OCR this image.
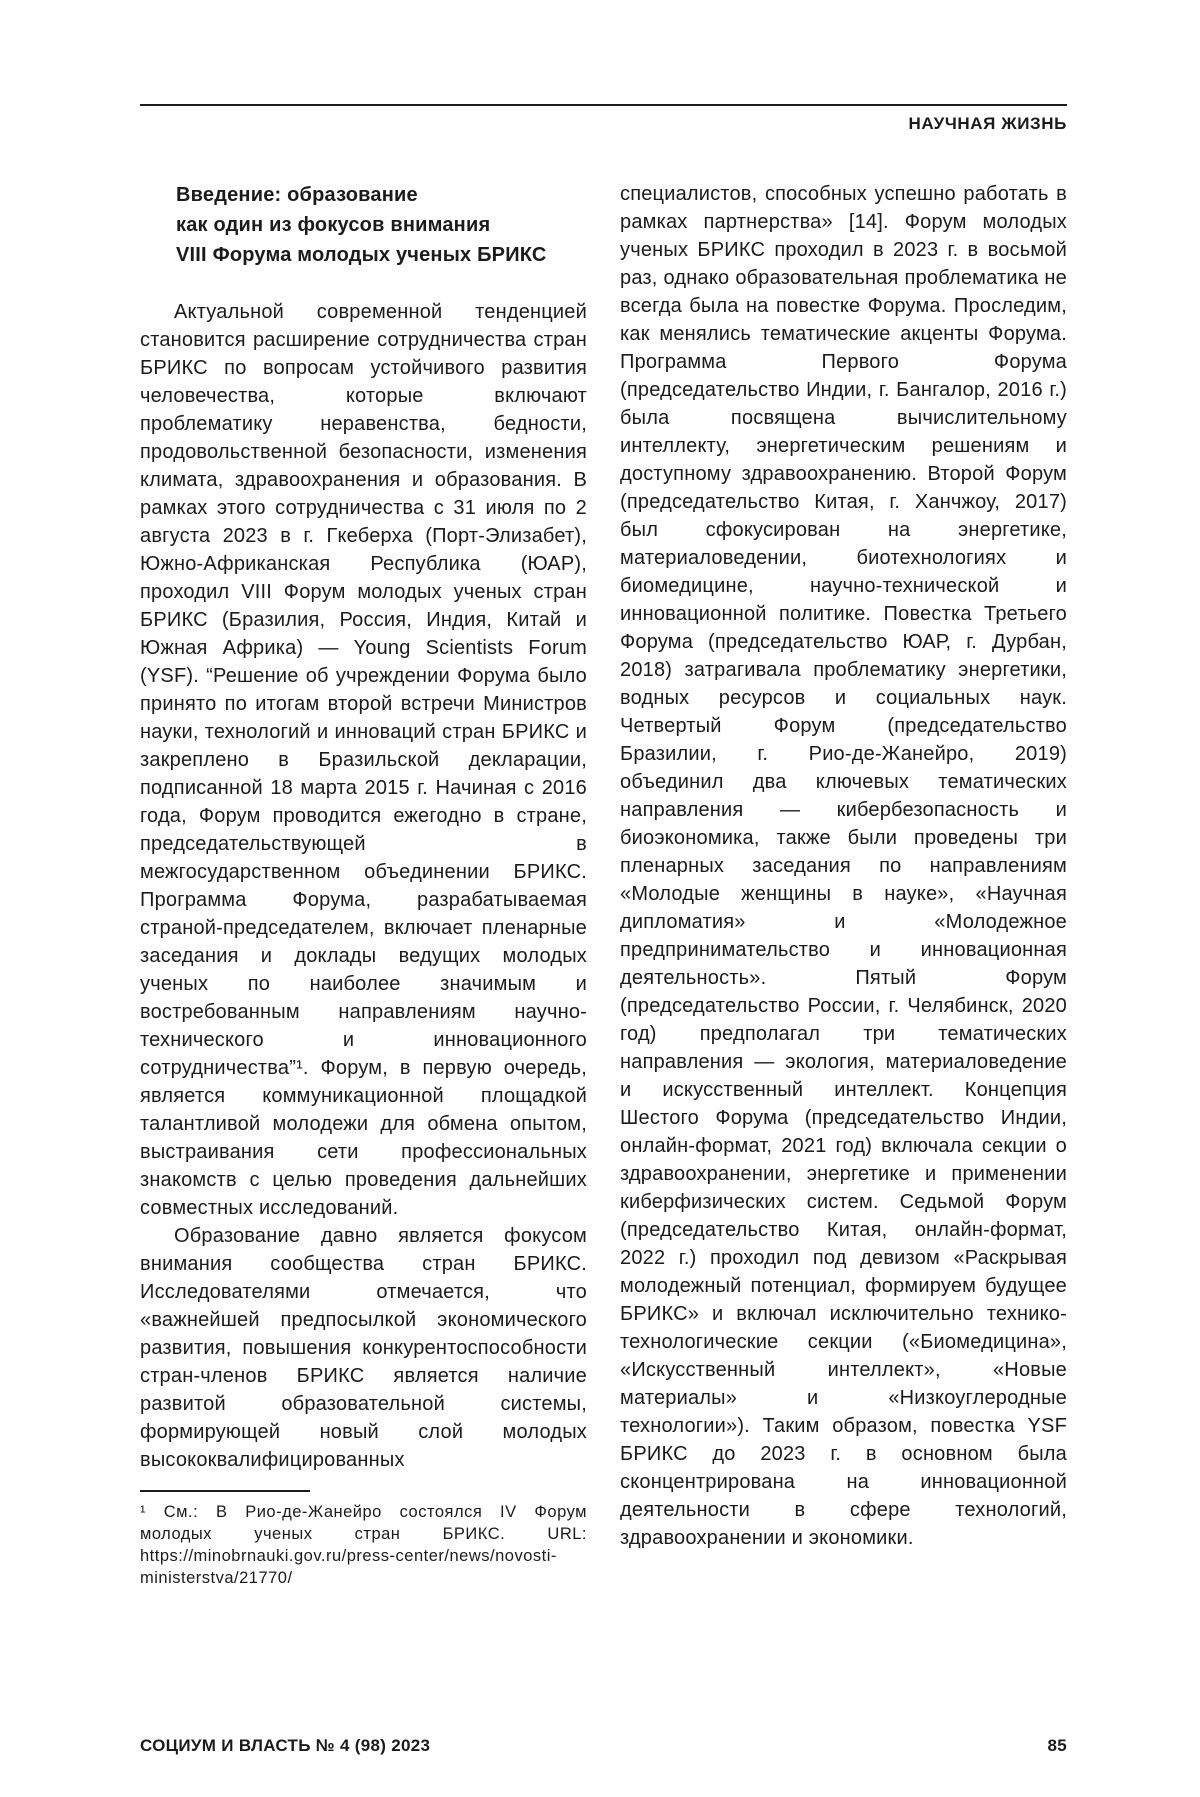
НАУЧНАЯ ЖИЗНЬ
Введение: образование
как один из фокусов внимания
VIII Форума молодых ученых БРИКС

Актуальной современной тенденцией становится расширение сотрудничества стран БРИКС по вопросам устойчивого развития человечества, которые включают проблематику неравенства, бедности, продовольственной безопасности, изменения климата, здравоохранения и образования. В рамках этого сотрудничества с 31 июля по 2 августа 2023 в г. Гкеберха (Порт-Элизабет), Южно-Африканская Республика (ЮАР), проходил VIII Форум молодых ученых стран БРИКС (Бразилия, Россия, Индия, Китай и Южная Африка) — Young Scientists Forum (YSF). “Решение об учреждении Форума было принято по итогам второй встречи Министров науки, технологий и инноваций стран БРИКС и закреплено в Бразильской декларации, подписанной 18 марта 2015 г. Начиная с 2016 года, Форум проводится ежегодно в стране, председательствующей в межгосударственном объединении БРИКС. Программа Форума, разрабатываемая страной-председателем, включает пленарные заседания и доклады ведущих молодых ученых по наиболее значимым и востребованным направлениям научно-технического и инновационного сотрудничества”¹. Форум, в первую очередь, является коммуникационной площадкой талантливой молодежи для обмена опытом, выстраивания сети профессиональных знакомств с целью проведения дальнейших совместных исследований.

Образование давно является фокусом внимания сообщества стран БРИКС. Исследователями отмечается, что «важнейшей предпосылкой экономического развития, повышения конкурентоспособности стран-членов БРИКС является наличие развитой образовательной системы, формирующей новый слой молодых высококвалифицированных

¹ См.: В Рио-де-Жанейро состоялся IV Форум молодых ученых стран БРИКС. URL: https://minobrnauki.gov.ru/press-center/news/novosti-ministerstva/21770/

специалистов, способных успешно работать в рамках партнерства» [14]. Форум молодых ученых БРИКС проходил в 2023 г. в восьмой раз, однако образовательная проблематика не всегда была на повестке Форума. Проследим, как менялись тематические акценты Форума. Программа Первого Форума (председательство Индии, г. Бангалор, 2016 г.) была посвящена вычислительному интеллекту, энергетическим решениям и доступному здравоохранению. Второй Форум (председательство Китая, г. Ханчжоу, 2017) был сфокусирован на энергетике, материаловедении, биотехнологиях и биомедицине, научно-технической и инновационной политике. Повестка Третьего Форума (председательство ЮАР, г. Дурбан, 2018) затрагивала проблематику энергетики, водных ресурсов и социальных наук. Четвертый Форум (председательство Бразилии, г. Рио-де-Жанейро, 2019) объединил два ключевых тематических направления — кибербезопасность и биоэкономика, также были проведены три пленарных заседания по направлениям «Молодые женщины в науке», «Научная дипломатия» и «Молодежное предпринимательство и инновационная деятельность». Пятый Форум (председательство России, г. Челябинск, 2020 год) предполагал три тематических направления — экология, материаловедение и искусственный интеллект. Концепция Шестого Форума (председательство Индии, онлайн-формат, 2021 год) включала секции о здравоохранении, энергетике и применении киберфизических систем. Седьмой Форум (председательство Китая, онлайн-формат, 2022 г.) проходил под девизом «Раскрывая молодежный потенциал, формируем будущее БРИКС» и включал исключительно технико-технологические секции («Биомедицина», «Искусственный интеллект», «Новые материалы» и «Низкоуглеродные технологии»). Таким образом, повестка YSF БРИКС до 2023 г. в основном была сконцентрирована на инновационной деятельности в сфере технологий, здравоохранении и экономики.

СОЦИУМ И ВЛАСТЬ № 4 (98) 2023	85
